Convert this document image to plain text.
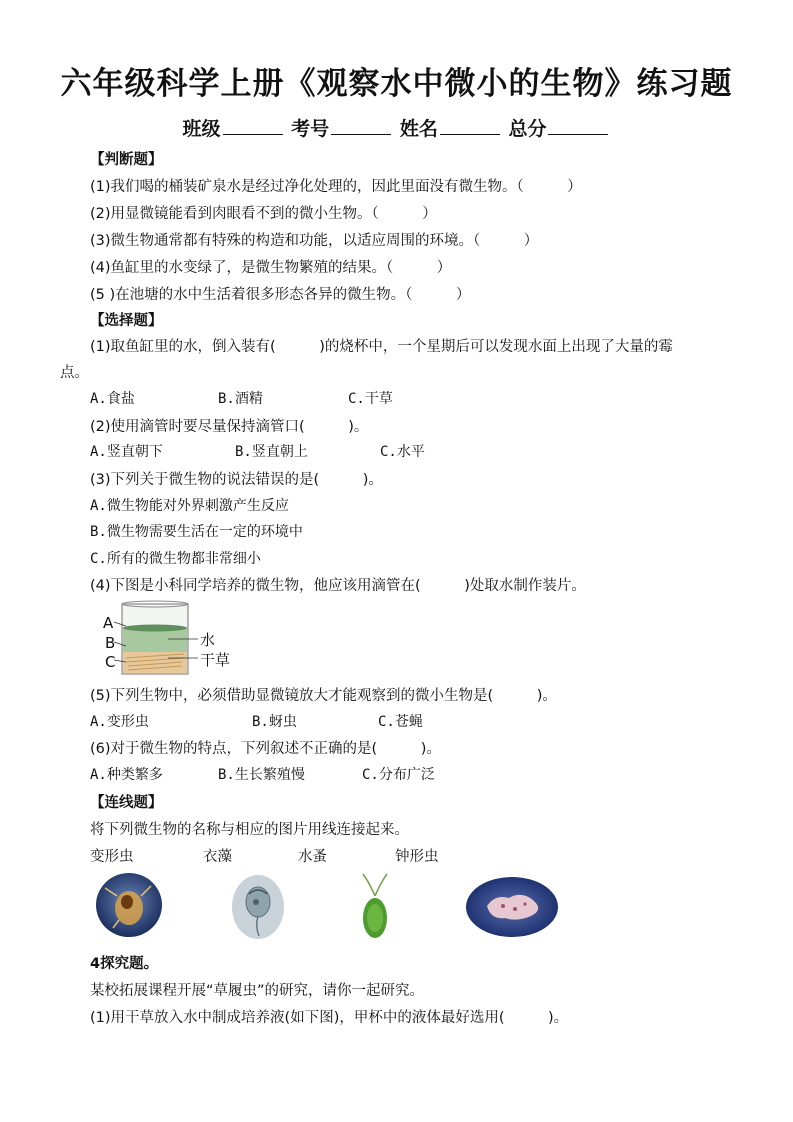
六年级科学上册《观察水中微小的生物》练习题
班级	考号	姓名	总分
【判断题】
(1)我们喝的桶装矿泉水是经过净化处理的，因此里面没有微生物。（　　　）
(2)用显微镜能看到肉眼看不到的微小生物。（　　　）
(3)微生物通常都有特殊的构造和功能，以适应周围的环境。（　　　）
(4)鱼缸里的水变绿了，是微生物繁殖的结果。（　　　）
(5 )在池塘的水中生活着很多形态各异的微生物。（　　　）
【选择题】
(1)取鱼缸里的水，倒入装有(　　　)的烧杯中，一个星期后可以发现水面上出现了大量的霉
点。
A.食盐	B.酒精	C.干草
(2)使用滴管时要尽量保持滴管口(　　　)。
A.竖直朝下	B.竖直朝上	C.水平
(3)下列关于微生物的说法错误的是(　　　)。
A.微生物能对外界刺激产生反应
B.微生物需要生活在一定的环境中
C.所有的微生物都非常细小
(4)下图是小科同学培养的微生物，他应该用滴管在(　　　)处取水制作装片。
A
B
C
水
干草
(5)下列生物中，必须借助显微镜放大才能观察到的微小生物是(　　　)。
A.变形虫	B.蚜虫	C.苍蝇
(6)对于微生物的特点，下列叙述不正确的是(　　　)。
A.种类繁多	B.生长繁殖慢	C.分布广泛
【连线题】
将下列微生物的名称与相应的图片用线连接起来。
变形虫	衣藻	水蚤	钟形虫
4探究题。
某校拓展课程开展“草履虫”的研究，请你一起研究。
(1)用干草放入水中制成培养液(如下图)，甲杯中的液体最好选用(　　　)。
